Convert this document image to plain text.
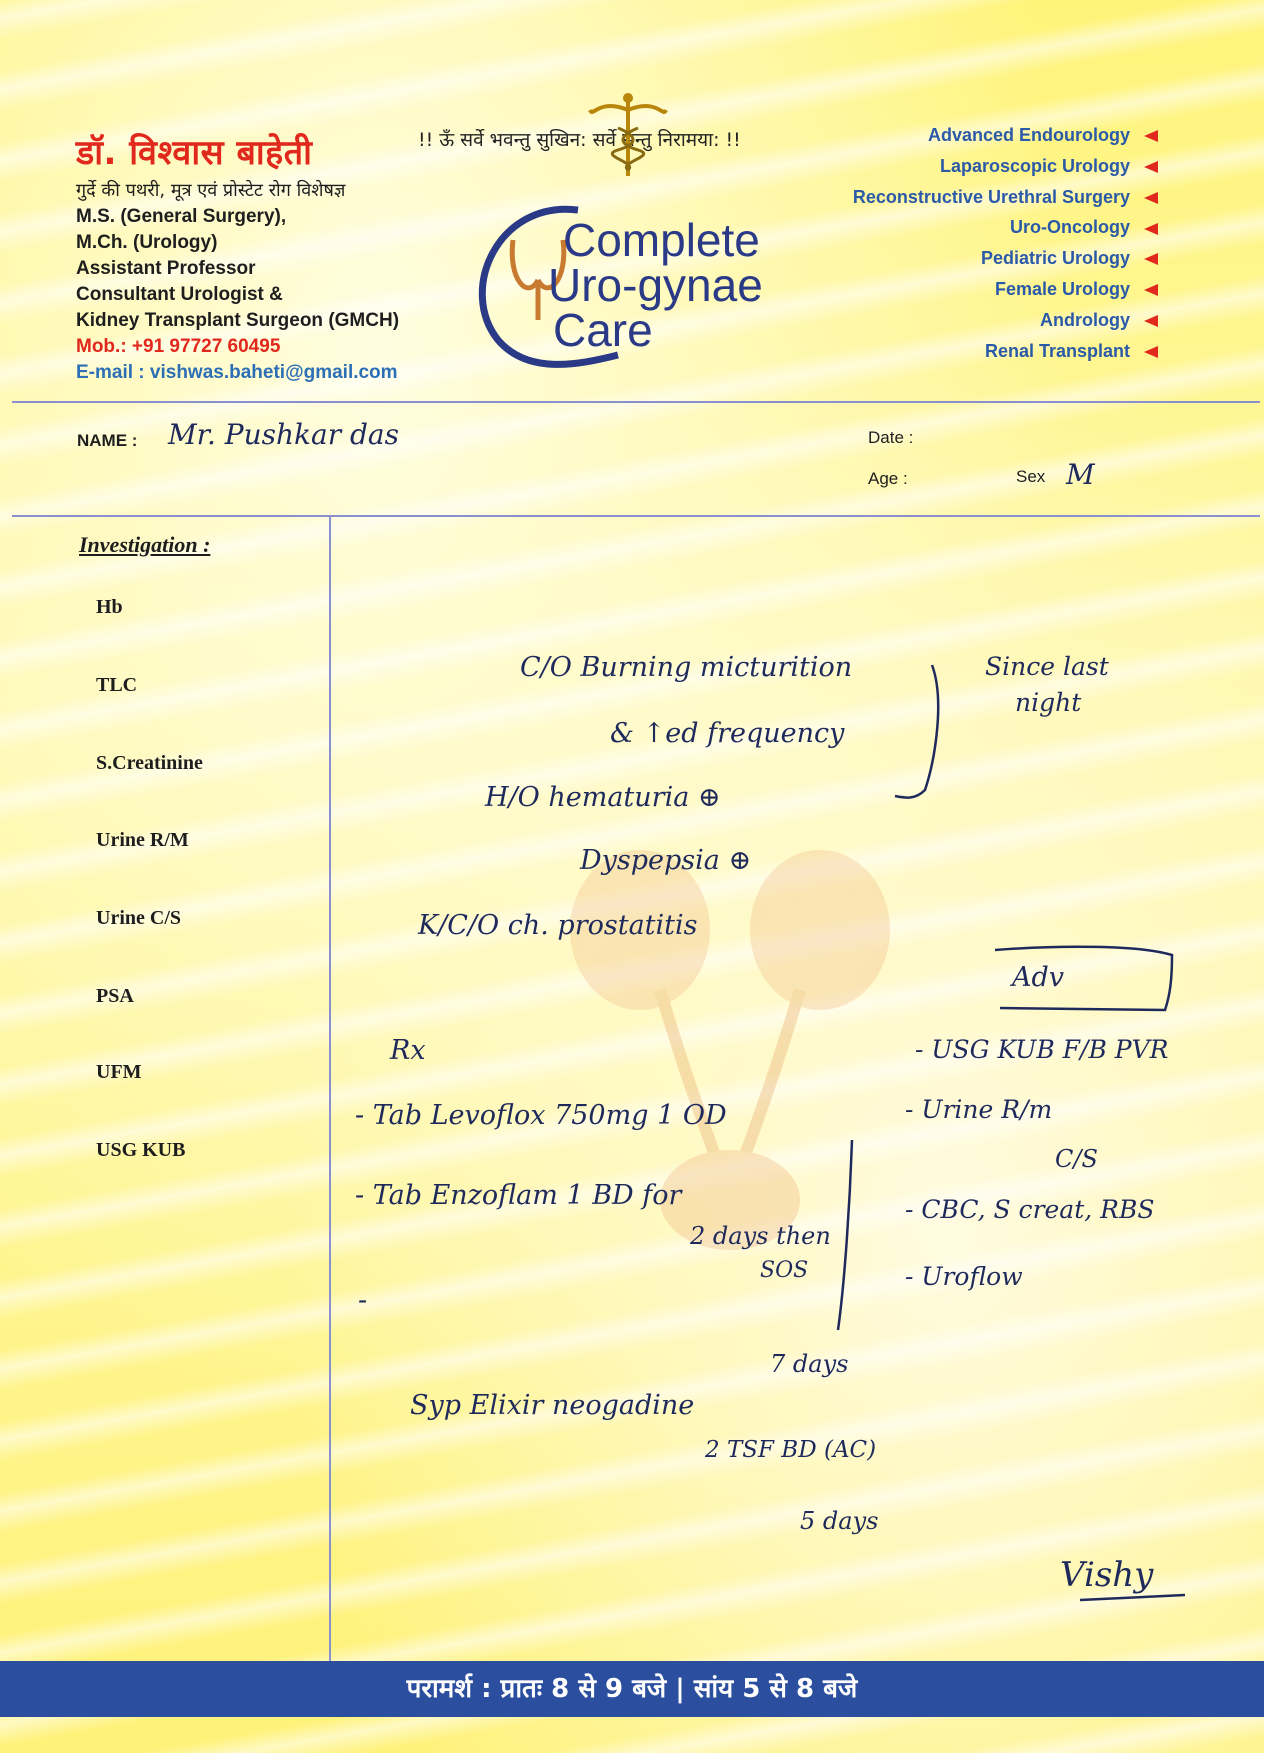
डॉ. विश्वास बाहेती
गुर्दे की पथरी, मूत्र एवं प्रोस्टेट रोग विशेषज्ञ
M.S. (General Surgery),
M.Ch. (Urology)
Assistant Professor
Consultant Urologist &
Kidney Transplant Surgeon (GMCH)
Mob.: +91 97727 60495
E-mail : vishwas.baheti@gmail.com
!! ऊँ सर्वे भवन्तु सुखिन: सर्वे सन्तु निरामया: !!
Complete
Uro-gynae
Care
Advanced Endourology
Laparoscopic Urology
Reconstructive Urethral Surgery
Uro-Oncology
Pediatric Urology
Female Urology
Andrology
Renal Transplant
NAME : Mr. Pushkar das	Date :
Age :	Sex M
Investigation :
Hb
TLC
S.Creatinine
Urine R/M
Urine C/S
PSA
UFM
USG KUB
C/O Burning micturition
& ↑ed frequency
Since last
night
H/O hematuria ⊕
Dyspepsia ⊕
K/C/O ch. prostatitis
Adv
- USG KUB F/B PVR
- Urine R/m
C/S
- CBC, S creat, RBS
- Uroflow
Rx
- Tab Levoflox 750mg 1 OD
- Tab Enzoflam 1 BD for
2 days then
SOS
-
7 days
Syp Elixir neogadine
2 TSF BD (AC)
5 days
Vishy
परामर्श : प्रातः 8 से 9 बजे | सांय 5 से 8 बजे
